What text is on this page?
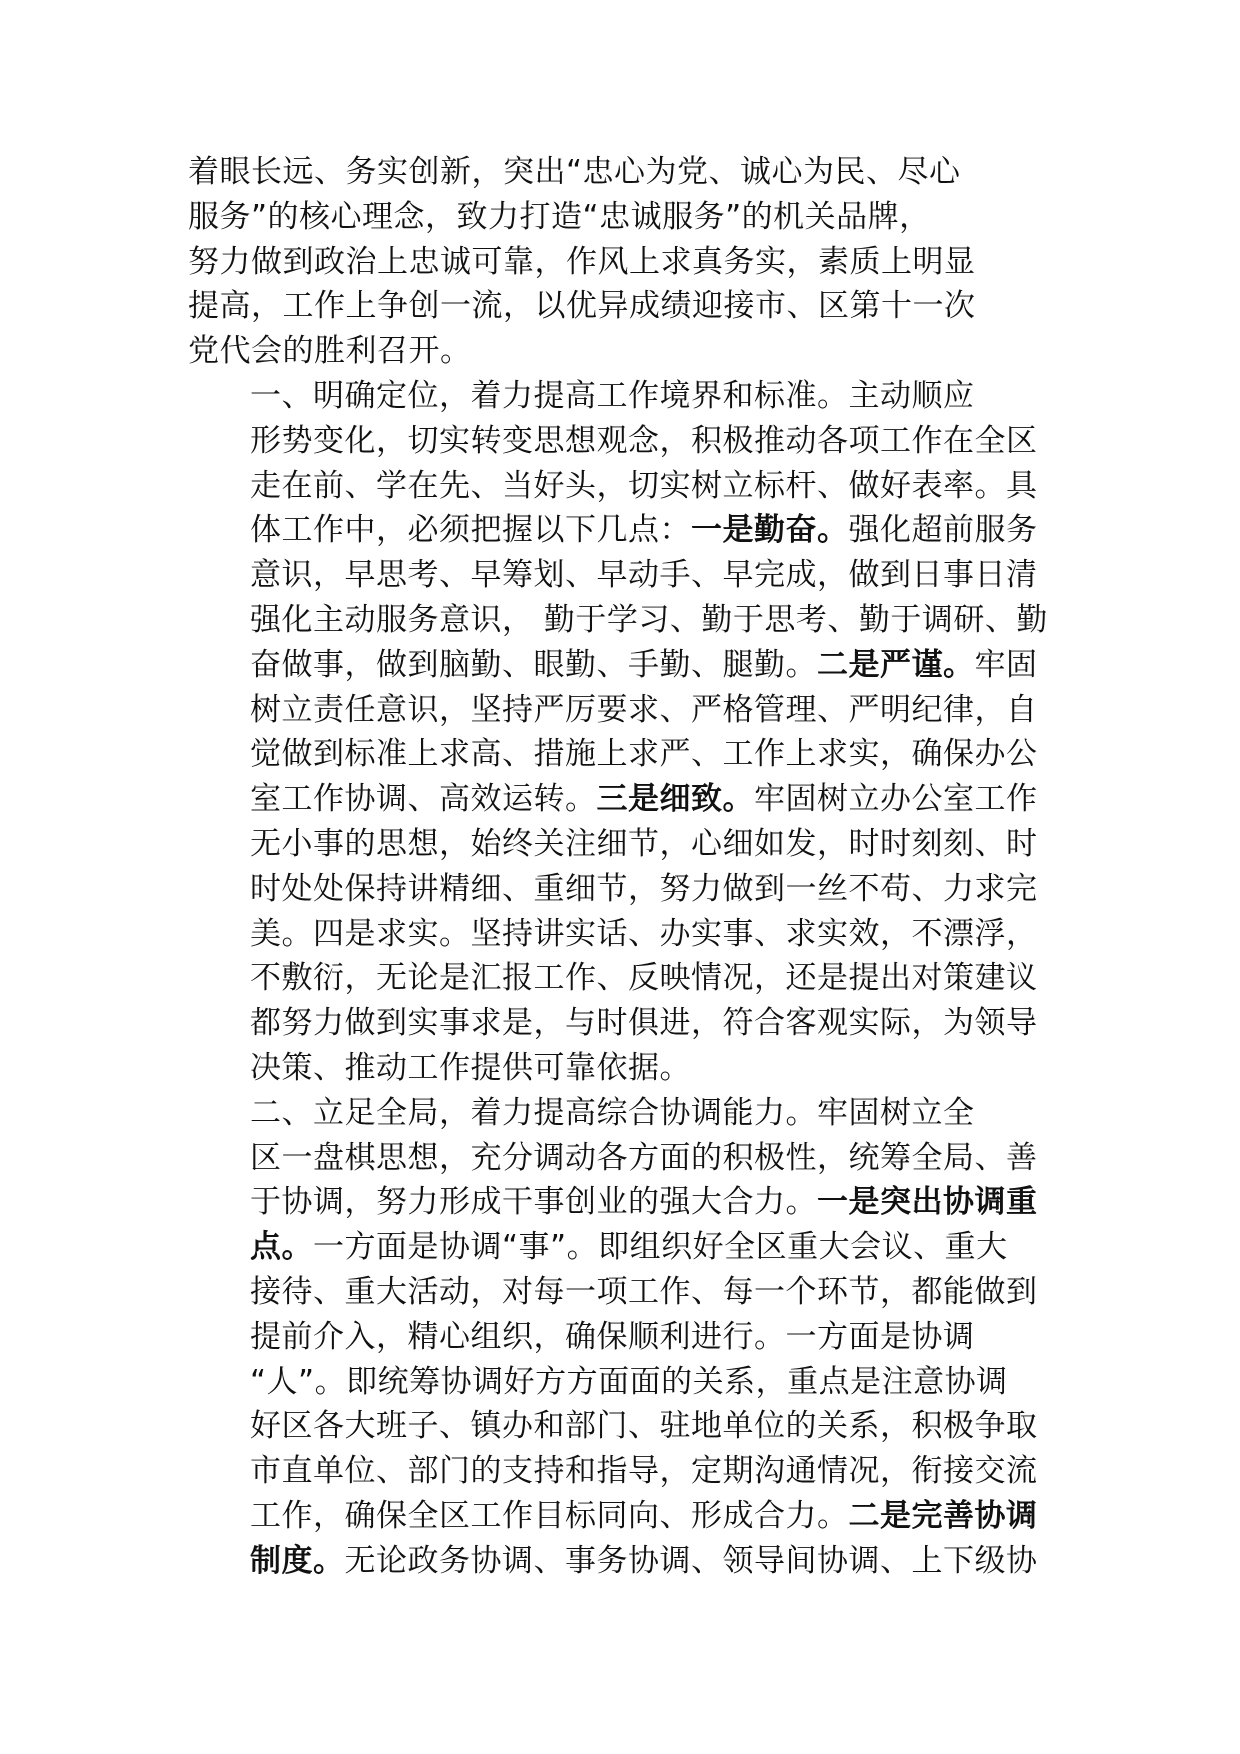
着眼长远、务实创新，突出“忠心为党、诚心为民、尽心
服务”的核心理念，致力打造“忠诚服务”的机关品牌，
努力做到政治上忠诚可靠，作风上求真务实，素质上明显
提高，工作上争创一流，以优异成绩迎接市、区第十一次
党代会的胜利召开。
一、明确定位，着力提高工作境界和标准。主动顺应
形势变化，切实转变思想观念，积极推动各项工作在全区
走在前、学在先、当好头，切实树立标杆、做好表率。具
体工作中，必须把握以下几点：一是勤奋。强化超前服务
意识，早思考、早筹划、早动手、早完成，做到日事日清
强化主动服务意识， 勤于学习、勤于思考、勤于调研、勤
奋做事，做到脑勤、眼勤、手勤、腿勤。二是严谨。牢固
树立责任意识，坚持严厉要求、严格管理、严明纪律，自
觉做到标准上求高、措施上求严、工作上求实，确保办公
室工作协调、高效运转。三是细致。牢固树立办公室工作
无小事的思想，始终关注细节，心细如发，时时刻刻、时
时处处保持讲精细、重细节，努力做到一丝不苟、力求完
美。四是求实。坚持讲实话、办实事、求实效，不漂浮，
不敷衍，无论是汇报工作、反映情况，还是提出对策建议
都努力做到实事求是，与时俱进，符合客观实际，为领导
决策、推动工作提供可靠依据。
二、立足全局，着力提高综合协调能力。牢固树立全
区一盘棋思想，充分调动各方面的积极性，统筹全局、善
于协调，努力形成干事创业的强大合力。一是突出协调重
点。一方面是协调“事”。即组织好全区重大会议、重大
接待、重大活动，对每一项工作、每一个环节，都能做到
提前介入，精心组织，确保顺利进行。一方面是协调
“人”。即统筹协调好方方面面的关系，重点是注意协调
好区各大班子、镇办和部门、驻地单位的关系，积极争取
市直单位、部门的支持和指导，定期沟通情况，衔接交流
工作，确保全区工作目标同向、形成合力。二是完善协调
制度。无论政务协调、事务协调、领导间协调、上下级协
